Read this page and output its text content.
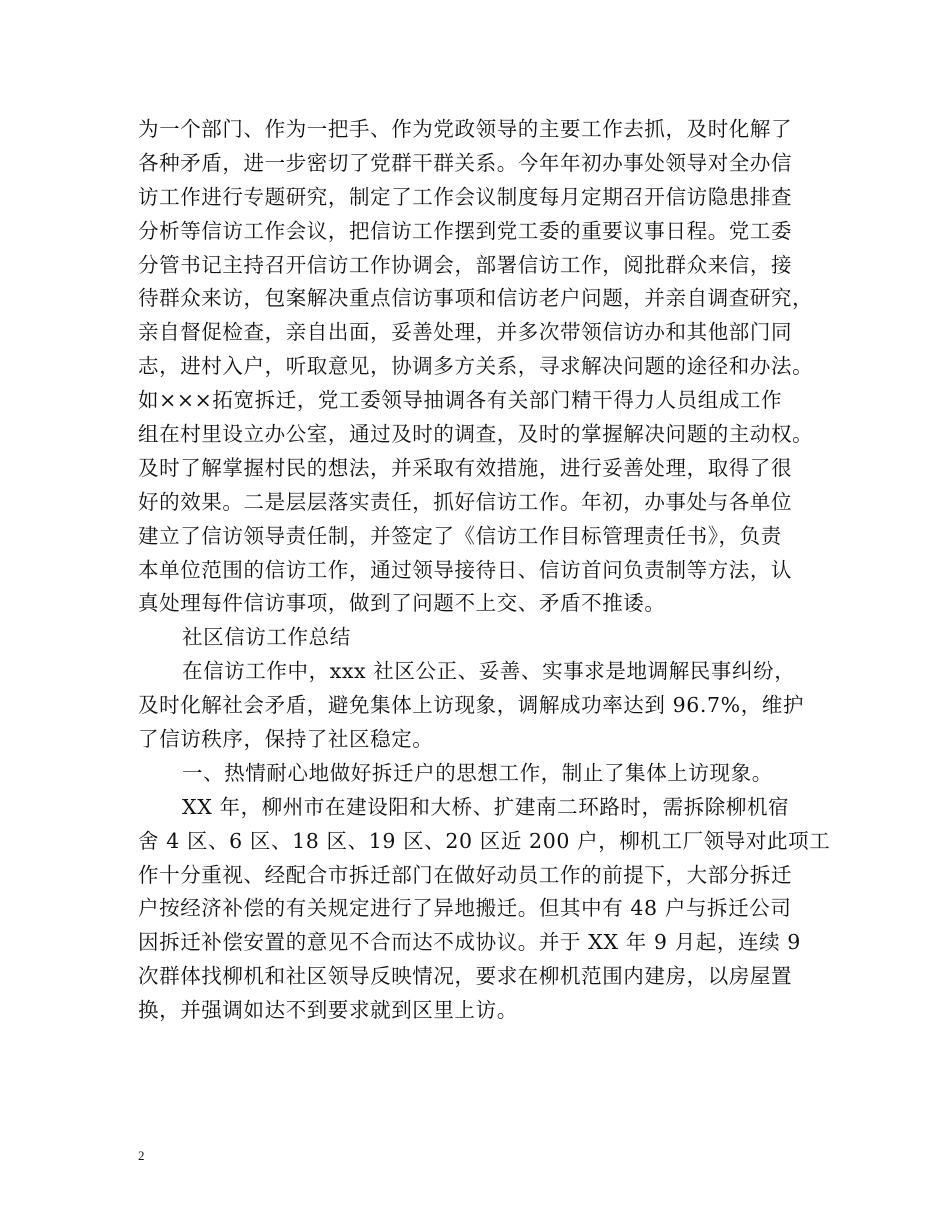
为一个部门、作为一把手、作为党政领导的主要工作去抓，及时化解了
各种矛盾，进一步密切了党群干群关系。今年年初办事处领导对全办信
访工作进行专题研究，制定了工作会议制度每月定期召开信访隐患排查
分析等信访工作会议，把信访工作摆到党工委的重要议事日程。党工委
分管书记主持召开信访工作协调会，部署信访工作，阅批群众来信，接
待群众来访，包案解决重点信访事项和信访老户问题，并亲自调查研究，
亲自督促检查，亲自出面，妥善处理，并多次带领信访办和其他部门同
志，进村入户，听取意见，协调多方关系，寻求解决问题的途径和办法。
如×××拓宽拆迁，党工委领导抽调各有关部门精干得力人员组成工作
组在村里设立办公室，通过及时的调查，及时的掌握解决问题的主动权。
及时了解掌握村民的想法，并采取有效措施，进行妥善处理，取得了很
好的效果。二是层层落实责任，抓好信访工作。年初，办事处与各单位
建立了信访领导责任制，并签定了《信访工作目标管理责任书》，负责
本单位范围的信访工作，通过领导接待日、信访首问负责制等方法，认
真处理每件信访事项，做到了问题不上交、矛盾不推诿。
社区信访工作总结
在信访工作中，xxx 社区公正、妥善、实事求是地调解民事纠纷，
及时化解社会矛盾，避免集体上访现象，调解成功率达到 96.7%，维护
了信访秩序，保持了社区稳定。
一、热情耐心地做好拆迁户的思想工作，制止了集体上访现象。
XX 年，柳州市在建设阳和大桥、扩建南二环路时，需拆除柳机宿
舍 4 区、6 区、18 区、19 区、20 区近 200 户，柳机工厂领导对此项工
作十分重视、经配合市拆迁部门在做好动员工作的前提下，大部分拆迁
户按经济补偿的有关规定进行了异地搬迁。但其中有 48 户与拆迁公司
因拆迁补偿安置的意见不合而达不成协议。并于 XX 年 9 月起，连续 9
次群体找柳机和社区领导反映情况，要求在柳机范围内建房，以房屋置
换，并强调如达不到要求就到区里上访。
2
